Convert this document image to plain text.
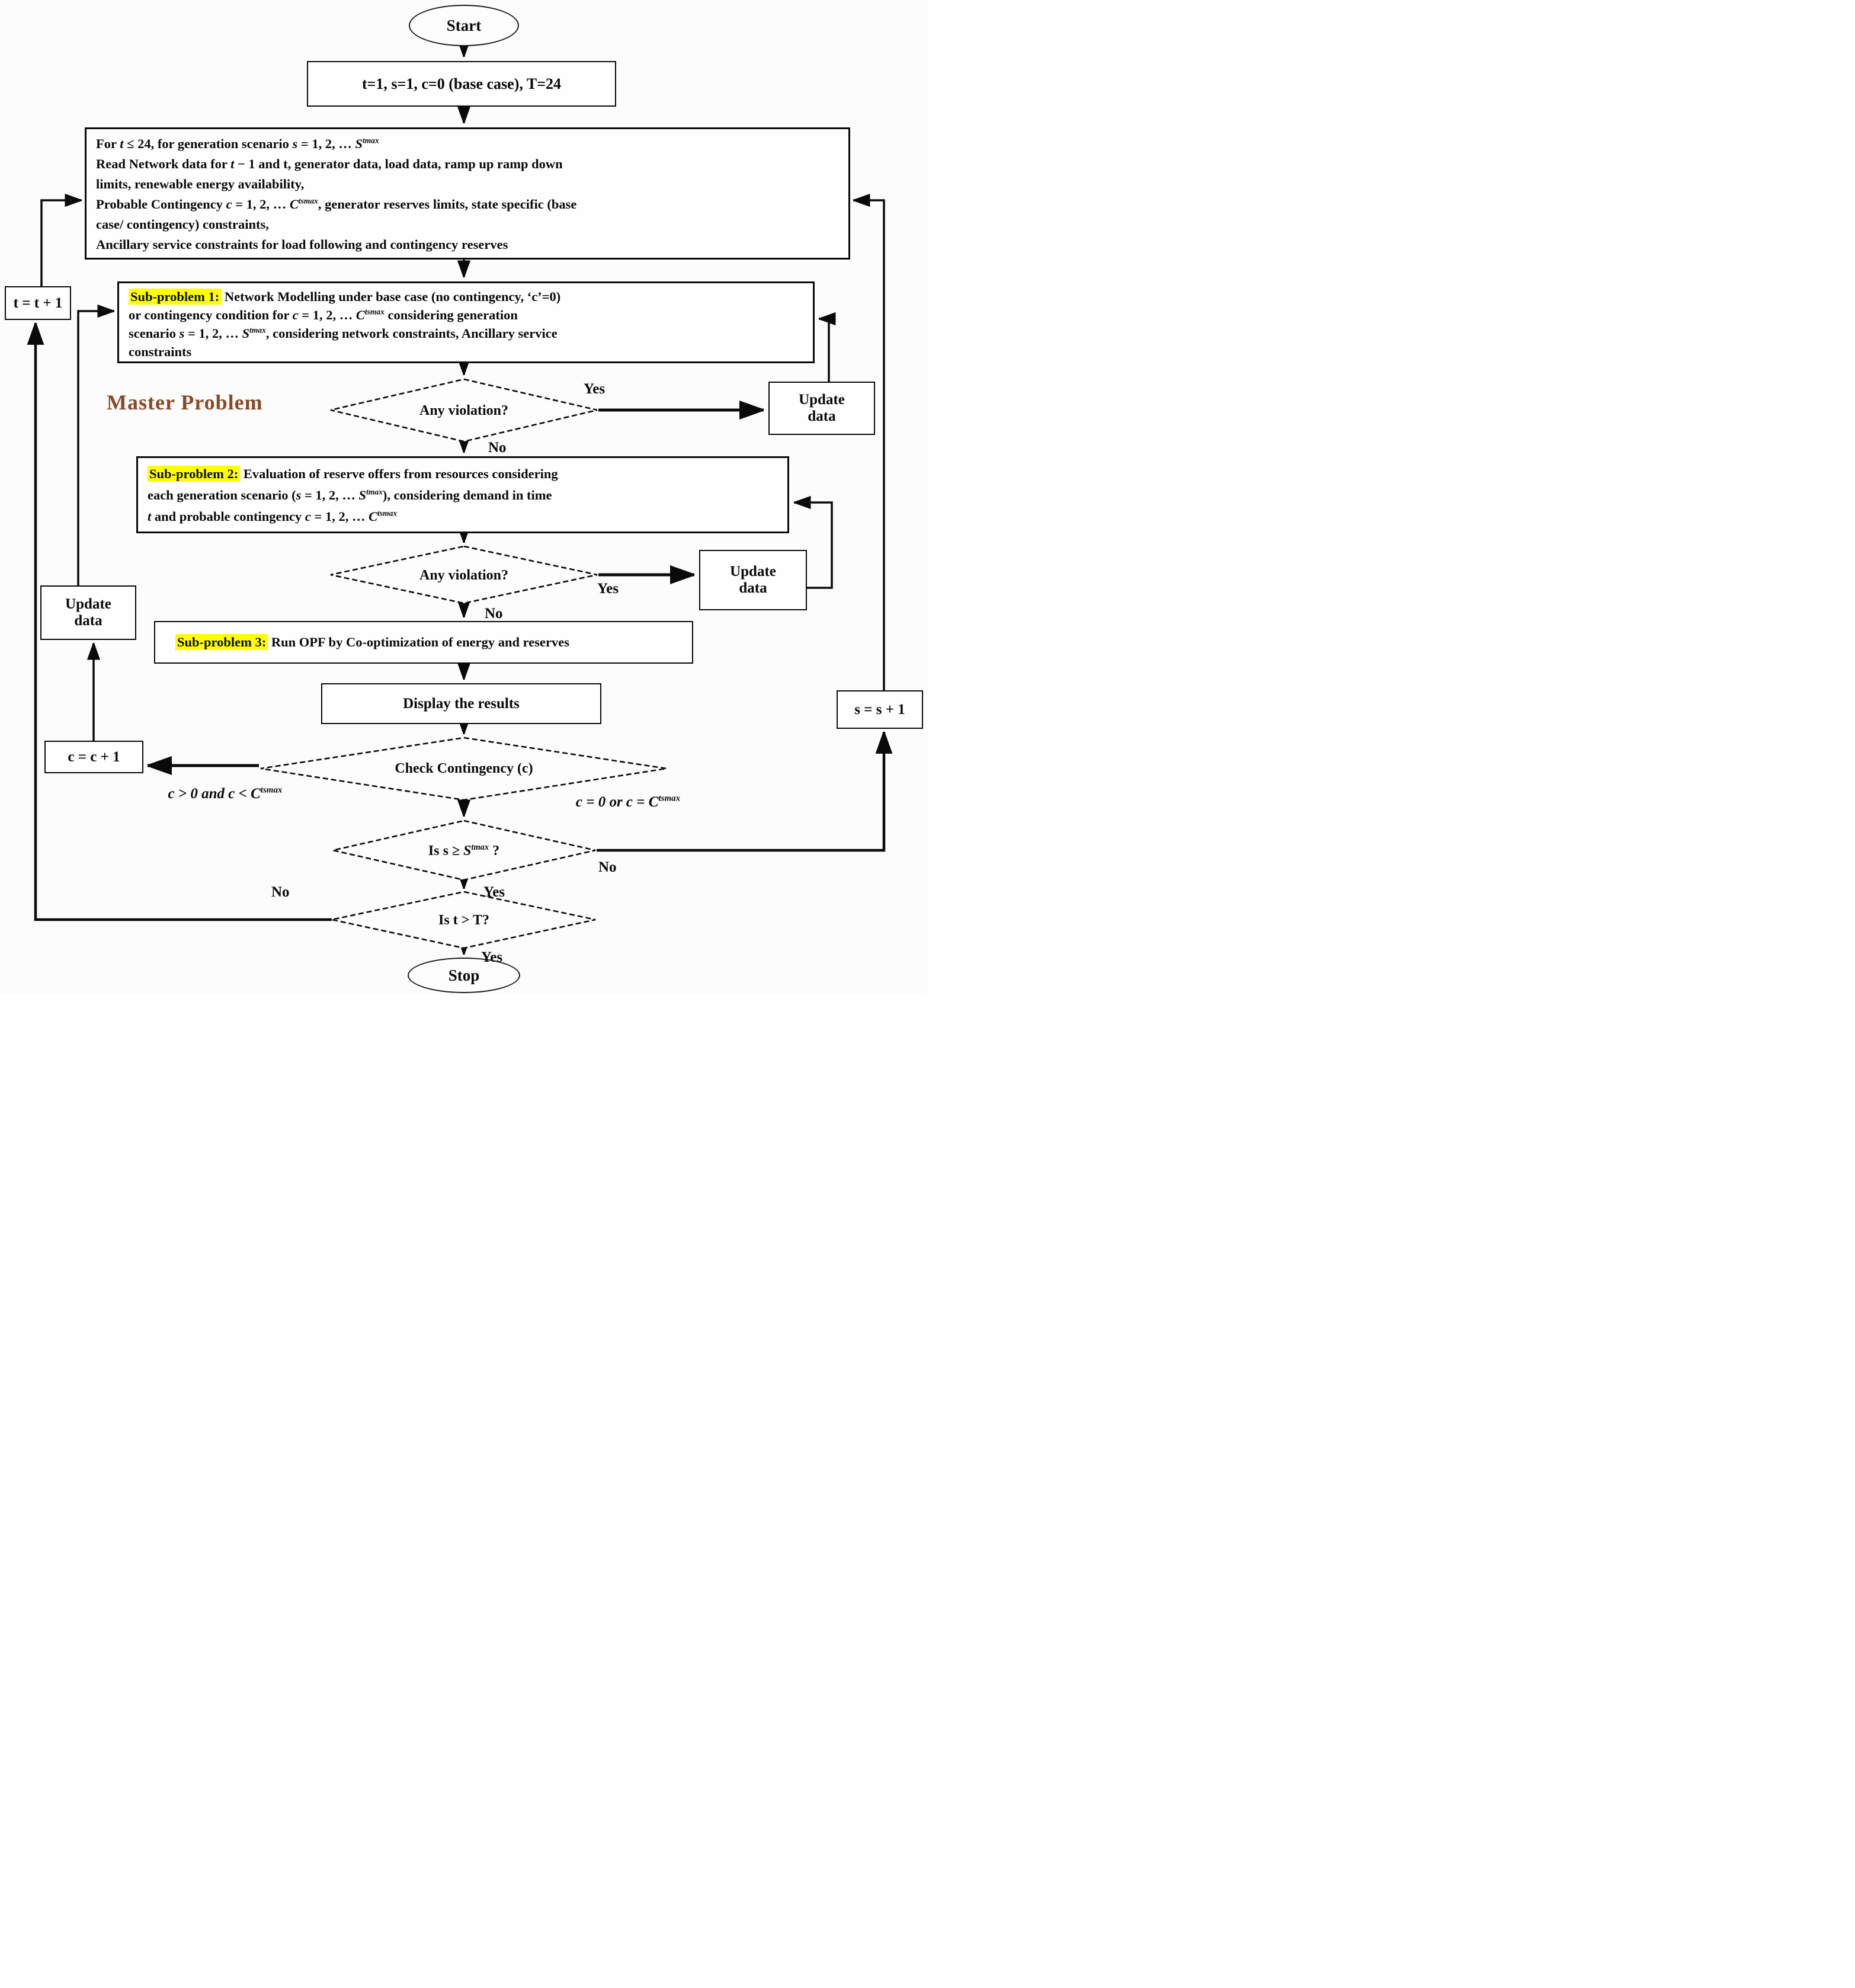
Start
Stop
t=1, s=1, c=0 (base case), T=24
For t ≤ 24, for generation scenario s = 1, 2, … $S^{tmax}$
Read Network data for t − 1 and t, generator data, load data, ramp up ramp down
limits, renewable energy availability,
Probable Contingency c = 1, 2, … $C^{tsmax}$, generator reserves limits, state specific (base
case/ contingency) constraints,
Ancillary service constraints for load following and contingency reserves
Sub-problem 1: Network Modelling under base case (no contingency, ‘c’=0)
or contingency condition for c = 1, 2, … $C^{tsmax}$ considering generation
scenario s = 1, 2, … $S^{tmax}$, considering network constraints, Ancillary service
constraints
t = t + 1
Master Problem	Update data
Sub-problem 2: Evaluation of reserve offers from resources considering
each generation scenario (s = 1, 2, … $S^{tmax}$), considering demand in time
t and probable contingency c = 1, 2, … $C^{tsmax}$
Update data
Sub-problem 3: Run OPF by Co-optimization of energy and reserves
Display the results
c = c + 1
Update data
s = s + 1
Any violation?
Any violation?
Check Contingency (c)
Is $s \ge S^{tmax}$ ?
Is t > T?
c > 0 and $c < C^{tsmax}$
c = 0 or $c = C^{tsmax}$
Yes
No
Yes
No
No
Yes
No
Yes
